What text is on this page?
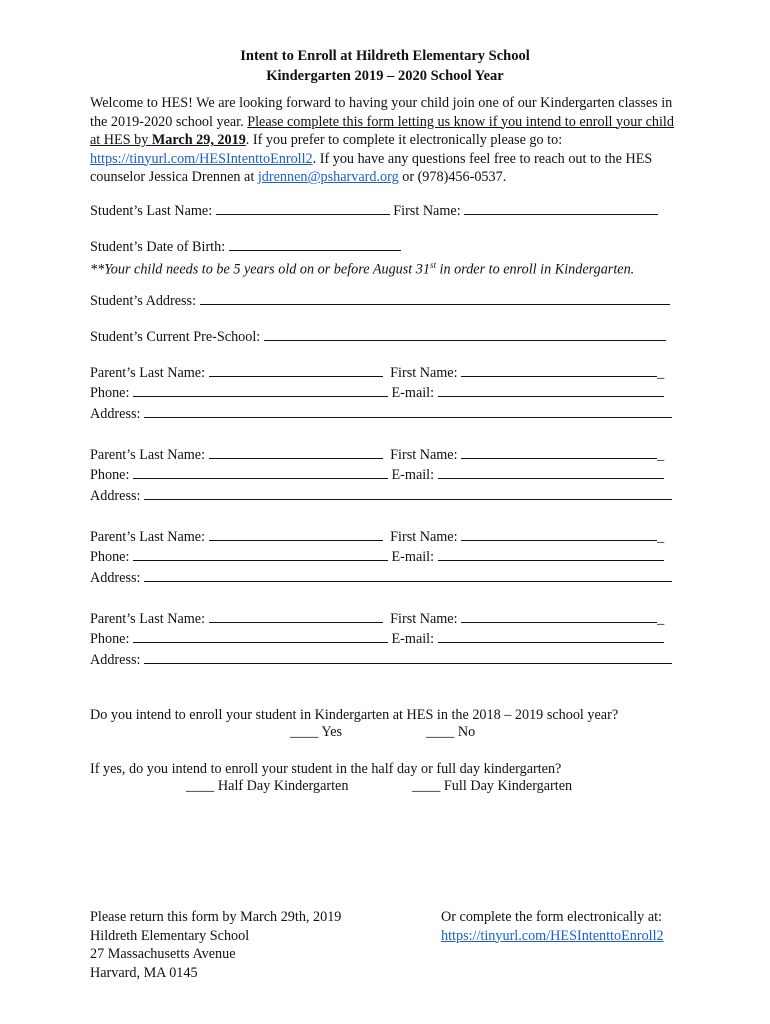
Intent to Enroll at Hildreth Elementary School
Kindergarten 2019 – 2020 School Year
Welcome to HES! We are looking forward to having your child join one of our Kindergarten classes in the 2019-2020 school year. Please complete this form letting us know if you intend to enroll your child at HES by March 29, 2019. If you prefer to complete it electronically please go to: https://tinyurl.com/HESIntenttoEnroll2. If you have any questions feel free to reach out to the HES counselor Jessica Drennen at jdrennen@psharvard.org or (978)456-0537.
Student’s Last Name:	First Name:
Student’s Date of Birth:
**Your child needs to be 5 years old on or before August 31st in order to enroll in Kindergarten.
Student’s Address:
Student’s Current Pre-School:
Parent’s Last Name:	First Name:	_
Phone:	E-mail:
Address:
Parent’s Last Name:	First Name:	_
Phone:	E-mail:
Address:
Parent’s Last Name:	First Name:	_
Phone:	E-mail:
Address:
Parent’s Last Name:	First Name:	_
Phone:	E-mail:
Address:
Do you intend to enroll your student in Kindergarten at HES in the 2018 – 2019 school year?
____ Yes	____ No
If yes, do you intend to enroll your student in the half day or full day kindergarten?
____ Half Day Kindergarten	____ Full Day Kindergarten
Please return this form by March 29th, 2019
Hildreth Elementary School
27 Massachusetts Avenue
Harvard, MA 0145
Or complete the form electronically at:
https://tinyurl.com/HESIntenttoEnroll2
